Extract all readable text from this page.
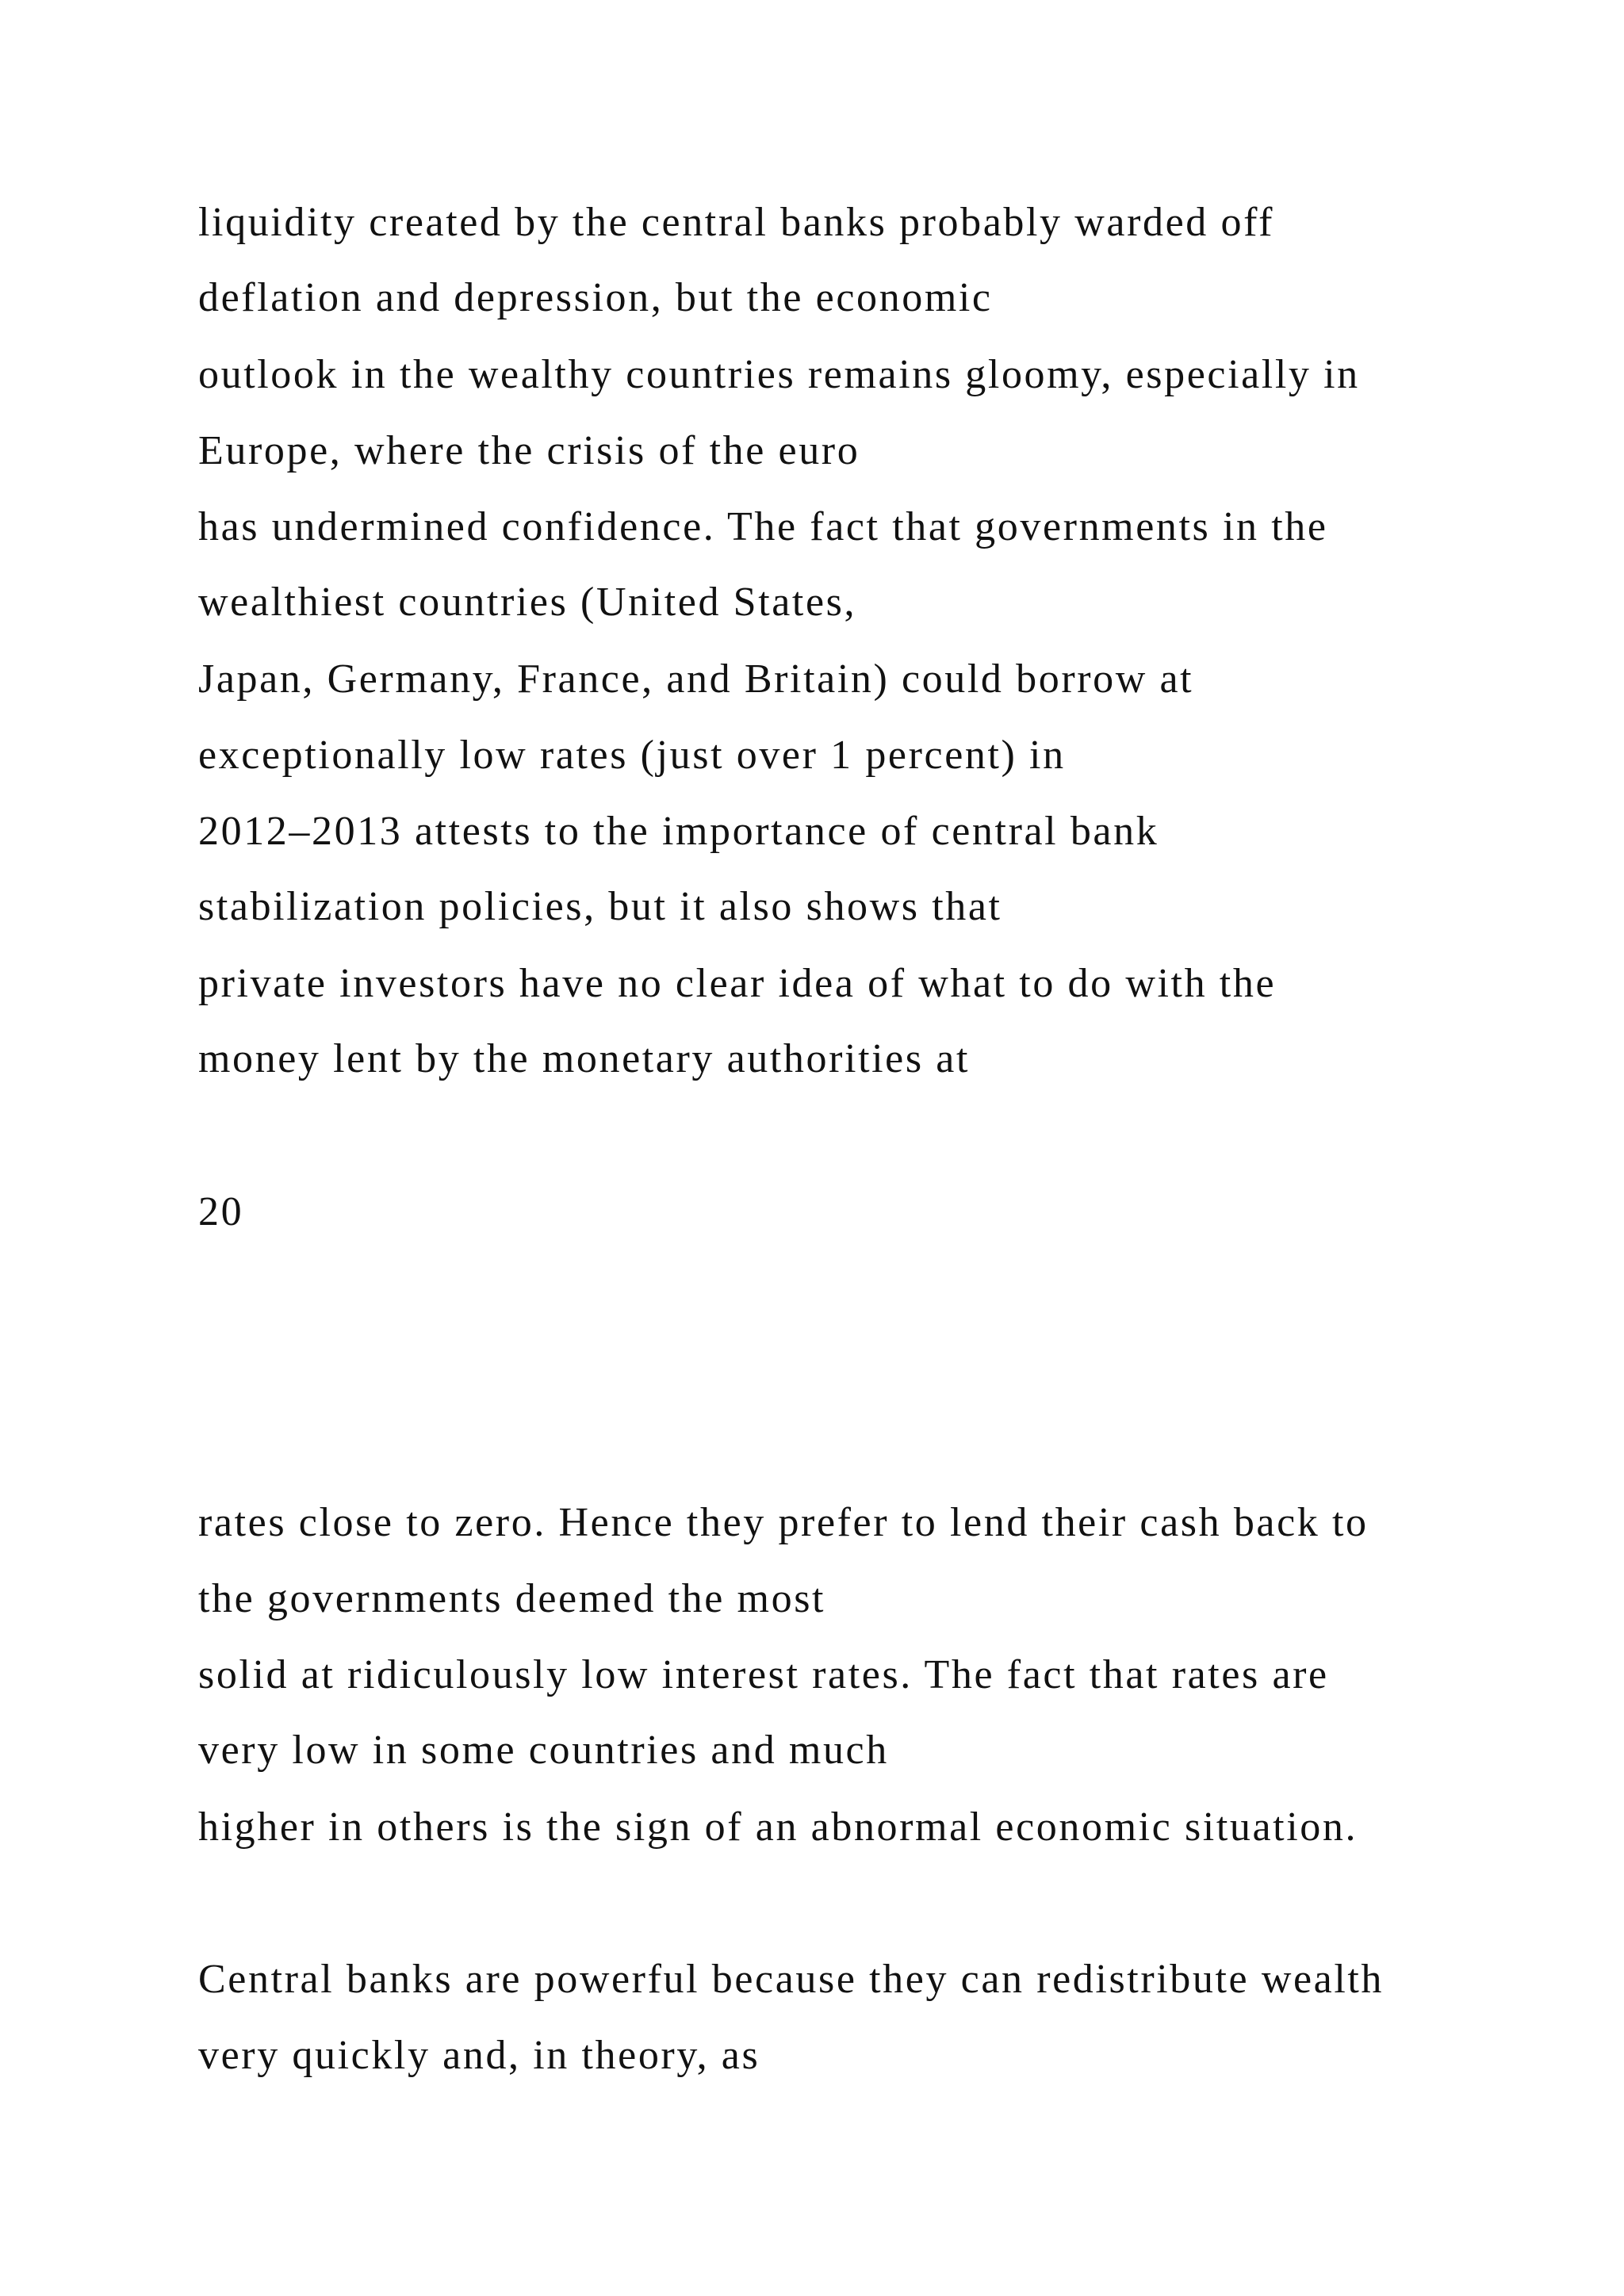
liquidity created by the central banks probably warded off

deflation and depression, but the economic

outlook in the wealthy countries remains gloomy, especially in

Europe, where the crisis of the euro

has undermined confidence. The fact that governments in the

wealthiest countries (United States,

Japan, Germany, France, and Britain) could borrow at

exceptionally low rates (just over 1 percent) in

2012–2013 attests to the importance of central bank

stabilization policies, but it also shows that

private investors have no clear idea of what to do with the

money lent by the monetary authorities at

20

rates close to zero. Hence they prefer to lend their cash back to

the governments deemed the most

solid at ridiculously low interest rates. The fact that rates are

very low in some countries and much

higher in others is the sign of an abnormal economic situation.

Central banks are powerful because they can redistribute wealth

very quickly and, in theory, as
